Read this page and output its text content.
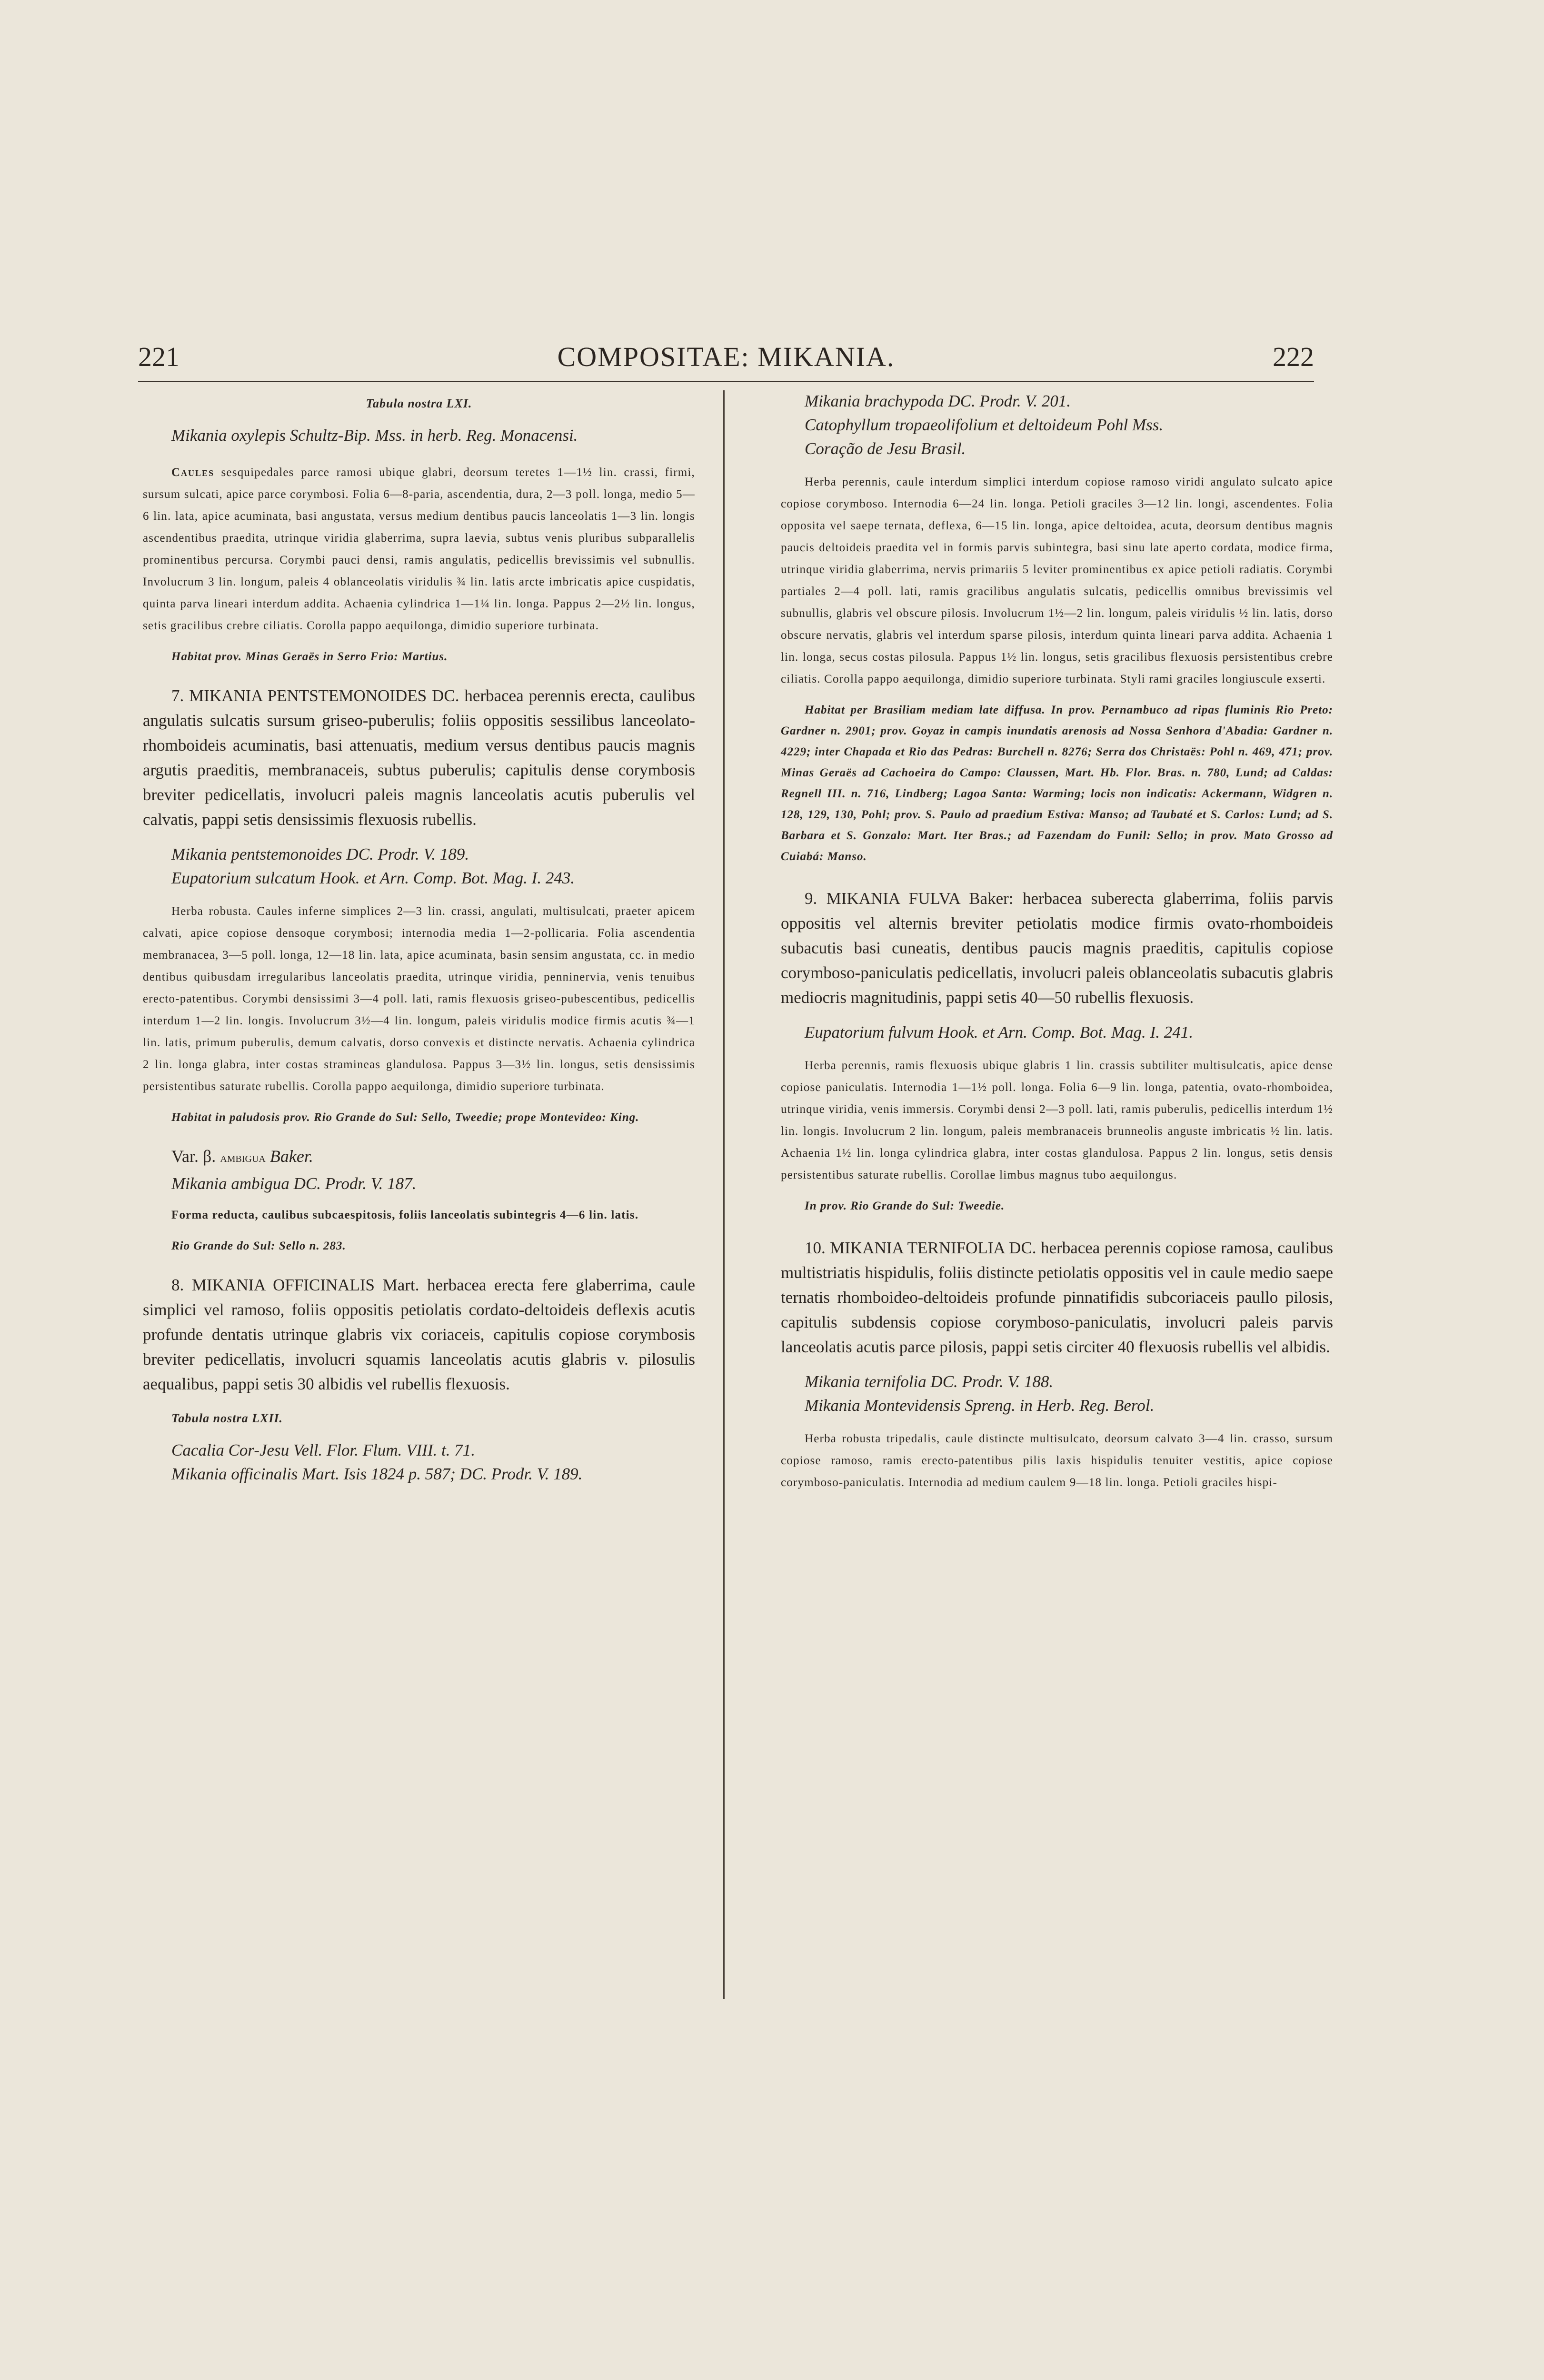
221	COMPOSITAE: MIKANIA.	222

Tabula nostra LXI.

Mikania oxylepis Schultz-Bip. Mss. in herb. Reg. Monacensi.

Caules sesquipedales parce ramosi ubique glabri, deorsum teretes 1—1½ lin. crassi, firmi, sursum sulcati, apice parce corymbosi. Folia 6—8-paria, ascendentia, dura, 2—3 poll. longa, medio 5—6 lin. lata, apice acuminata, basi angustata, versus medium dentibus paucis lanceolatis 1—3 lin. longis ascendentibus praedita, utrinque viridia glaberrima, supra laevia, subtus venis pluribus subparallelis prominentibus percursa. Corymbi pauci densi, ramis angulatis, pedicellis brevissimis vel subnullis. Involucrum 3 lin. longum, paleis 4 oblanceolatis viridulis ¾ lin. latis arcte imbricatis apice cuspidatis, quinta parva lineari interdum addita. Achaenia cylindrica 1—1¼ lin. longa. Pappus 2—2½ lin. longus, setis gracilibus crebre ciliatis. Corolla pappo aequilonga, dimidio superiore turbinata.

Habitat prov. Minas Geraës in Serro Frio: Martius.

7. MIKANIA PENTSTEMONOIDES DC. herbacea perennis erecta, caulibus angulatis sulcatis sursum griseo-puberulis; foliis oppositis sessilibus lanceolato-rhomboideis acuminatis, basi attenuatis, medium versus dentibus paucis magnis argutis praeditis, membranaceis, subtus puberulis; capitulis dense corymbosis breviter pedicellatis, involucri paleis magnis lanceolatis acutis puberulis vel calvatis, pappi setis densissimis flexuosis rubellis.

Mikania pentstemonoides DC. Prodr. V. 189.

Eupatorium sulcatum Hook. et Arn. Comp. Bot. Mag. I. 243.

Herba robusta. Caules inferne simplices 2—3 lin. crassi, angulati, multisulcati, praeter apicem calvati, apice copiose densoque corymbosi; internodia media 1—2-pollicaria. Folia ascendentia membranacea, 3—5 poll. longa, 12—18 lin. lata, apice acuminata, basin sensim angustata, cc. in medio dentibus quibusdam irregularibus lanceolatis praedita, utrinque viridia, penninervia, venis tenuibus erecto-patentibus. Corymbi densissimi 3—4 poll. lati, ramis flexuosis griseo-pubescentibus, pedicellis interdum 1—2 lin. longis. Involucrum 3½—4 lin. longum, paleis viridulis modice firmis acutis ¾—1 lin. latis, primum puberulis, demum calvatis, dorso convexis et distincte nervatis. Achaenia cylindrica 2 lin. longa glabra, inter costas stramineas glandulosa. Pappus 3—3½ lin. longus, setis densissimis persistentibus saturate rubellis. Corolla pappo aequilonga, dimidio superiore turbinata.

Habitat in paludosis prov. Rio Grande do Sul: Sello, Tweedie; prope Montevideo: King.

Var. β. ambigua Baker.

Mikania ambigua DC. Prodr. V. 187.

Forma reducta, caulibus subcaespitosis, foliis lanceolatis subintegris 4—6 lin. latis.

Rio Grande do Sul: Sello n. 283.

8. MIKANIA OFFICINALIS Mart. herbacea erecta fere glaberrima, caule simplici vel ramoso, foliis oppositis petiolatis cordato-deltoideis deflexis acutis profunde dentatis utrinque glabris vix coriaceis, capitulis copiose corymbosis breviter pedicellatis, involucri squamis lanceolatis acutis glabris v. pilosulis aequalibus, pappi setis 30 albidis vel rubellis flexuosis.

Tabula nostra LXII.

Cacalia Cor-Jesu Vell. Flor. Flum. VIII. t. 71.

Mikania officinalis Mart. Isis 1824 p. 587; DC. Prodr. V. 189.

Mikania brachypoda DC. Prodr. V. 201.

Catophyllum tropaeolifolium et deltoideum Pohl Mss.

Coração de Jesu Brasil.

Herba perennis, caule interdum simplici interdum copiose ramoso viridi angulato sulcato apice copiose corymboso. Internodia 6—24 lin. longa. Petioli graciles 3—12 lin. longi, ascendentes. Folia opposita vel saepe ternata, deflexa, 6—15 lin. longa, apice deltoidea, acuta, deorsum dentibus magnis paucis deltoideis praedita vel in formis parvis subintegra, basi sinu late aperto cordata, modice firma, utrinque viridia glaberrima, nervis primariis 5 leviter prominentibus ex apice petioli radiatis. Corymbi partiales 2—4 poll. lati, ramis gracilibus angulatis sulcatis, pedicellis omnibus brevissimis vel subnullis, glabris vel obscure pilosis. Involucrum 1½—2 lin. longum, paleis viridulis ½ lin. latis, dorso obscure nervatis, glabris vel interdum sparse pilosis, interdum quinta lineari parva addita. Achaenia 1 lin. longa, secus costas pilosula. Pappus 1½ lin. longus, setis gracilibus flexuosis persistentibus crebre ciliatis. Corolla pappo aequilonga, dimidio superiore turbinata. Styli rami graciles longiuscule exserti.

Habitat per Brasiliam mediam late diffusa. In prov. Pernambuco ad ripas fluminis Rio Preto: Gardner n. 2901; prov. Goyaz in campis inundatis arenosis ad Nossa Senhora d'Abadia: Gardner n. 4229; inter Chapada et Rio das Pedras: Burchell n. 8276; Serra dos Christaës: Pohl n. 469, 471; prov. Minas Geraës ad Cachoeira do Campo: Claussen, Mart. Hb. Flor. Bras. n. 780, Lund; ad Caldas: Regnell III. n. 716, Lindberg; Lagoa Santa: Warming; locis non indicatis: Ackermann, Widgren n. 128, 129, 130, Pohl; prov. S. Paulo ad praedium Estiva: Manso; ad Taubaté et S. Carlos: Lund; ad S. Barbara et S. Gonzalo: Mart. Iter Bras.; ad Fazendam do Funil: Sello; in prov. Mato Grosso ad Cuiabá: Manso.

9. MIKANIA FULVA Baker: herbacea suberecta glaberrima, foliis parvis oppositis vel alternis breviter petiolatis modice firmis ovato-rhomboideis subacutis basi cuneatis, dentibus paucis magnis praeditis, capitulis copiose corymboso-paniculatis pedicellatis, involucri paleis oblanceolatis subacutis glabris mediocris magnitudinis, pappi setis 40—50 rubellis flexuosis.

Eupatorium fulvum Hook. et Arn. Comp. Bot. Mag. I. 241.

Herba perennis, ramis flexuosis ubique glabris 1 lin. crassis subtiliter multisulcatis, apice dense copiose paniculatis. Internodia 1—1½ poll. longa. Folia 6—9 lin. longa, patentia, ovato-rhomboidea, utrinque viridia, venis immersis. Corymbi densi 2—3 poll. lati, ramis puberulis, pedicellis interdum 1½ lin. longis. Involucrum 2 lin. longum, paleis membranaceis brunneolis anguste imbricatis ½ lin. latis. Achaenia 1½ lin. longa cylindrica glabra, inter costas glandulosa. Pappus 2 lin. longus, setis densis persistentibus saturate rubellis. Corollae limbus magnus tubo aequilongus.

In prov. Rio Grande do Sul: Tweedie.

10. MIKANIA TERNIFOLIA DC. herbacea perennis copiose ramosa, caulibus multistriatis hispidulis, foliis distincte petiolatis oppositis vel in caule medio saepe ternatis rhomboideo-deltoideis profunde pinnatifidis subcoriaceis paullo pilosis, capitulis subdensis copiose corymboso-paniculatis, involucri paleis parvis lanceolatis acutis parce pilosis, pappi setis circiter 40 flexuosis rubellis vel albidis.

Mikania ternifolia DC. Prodr. V. 188.

Mikania Montevidensis Spreng. in Herb. Reg. Berol.

Herba robusta tripedalis, caule distincte multisulcato, deorsum calvato 3—4 lin. crasso, sursum copiose ramoso, ramis erecto-patentibus pilis laxis hispidulis tenuiter vestitis, apice copiose corymboso-paniculatis. Internodia ad medium caulem 9—18 lin. longa. Petioli graciles hispi-
